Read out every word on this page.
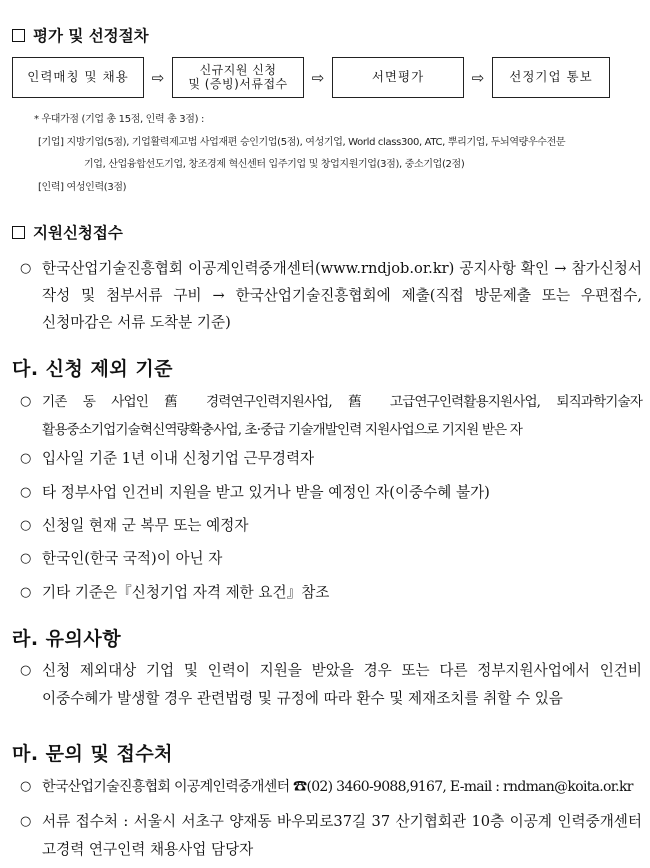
평가 및 선정절차
인력매칭 및 채용	⇨	신규지원 신청
및 (증빙)서류접수	⇨	서면평가	⇨	선정기업 통보
* 우대가점 (기업 총 15점, 인력 총 3점) :
[기업] 지방기업(5점), 기업활력제고법 사업재편 승인기업(5점), 여성기업, World class300, ATC, 뿌리기업, 두뇌역량우수전문
기업, 산업융합선도기업, 창조경제 혁신센터 입주기업 및 창업지원기업(3점), 중소기업(2점)
[인력] 여성인력(3점)
지원신청접수
○ 한국산업기술진흥협회 이공계인력중개센터(www.rndjob.or.kr) 공지사항 확인 → 참가신청서 작성 및 첨부서류 구비 → 한국산업기술진흥협회에 제출(직접 방문제출 또는 우편접수, 신청마감은 서류 도착분 기준)
다. 신청 제외 기준
○ 기존 동 사업인 舊 경력연구인력지원사업, 舊 고급연구인력활용지원사업, 퇴직과학기술자 활용중소기업기술혁신역량확충사업, 초·중급 기술개발인력 지원사업으로 기지원 받은 자
○ 입사일 기준 1년 이내 신청기업 근무경력자
○ 타 정부사업 인건비 지원을 받고 있거나 받을 예정인 자(이중수혜 불가)
○ 신청일 현재 군 복무 또는 예정자
○ 한국인(한국 국적)이 아닌 자
○ 기타 기준은『신청기업 자격 제한 요건』참조
라. 유의사항
○ 신청 제외대상 기업 및 인력이 지원을 받았을 경우 또는 다른 정부지원사업에서 인건비 이중수혜가 발생할 경우 관련법령 및 규정에 따라 환수 및 제재조치를 취할 수 있음
마. 문의 및 접수처
○ 한국산업기술진흥협회 이공계인력중개센터 ☎(02) 3460-9088,9167, E-mail : rndman@koita.or.kr
○ 서류 접수처 : 서울시 서초구 양재동 바우뫼로37길 37 산기협회관 10층 이공계 인력중개센터 고경력 연구인력 채용사업 담당자
